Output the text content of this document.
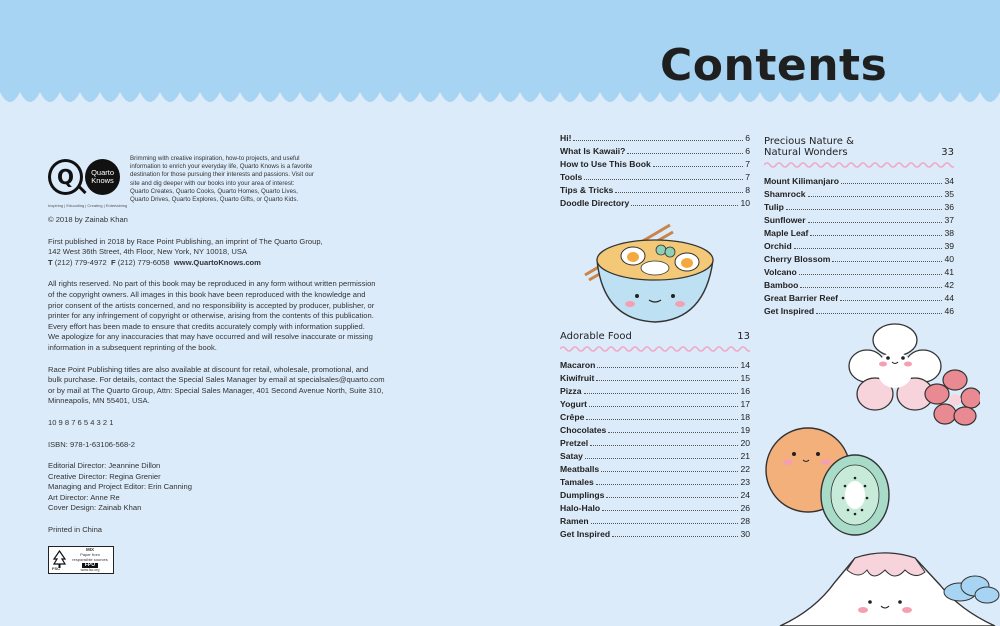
Contents
Q Quarto
Knows
Inspiring | Educating | Creating | Entertaining
Brimming with creative inspiration, how-to projects, and useful
information to enrich your everyday life, Quarto Knows is a favorite
destination for those pursuing their interests and passions. Visit our
site and dig deeper with our books into your area of interest:
Quarto Creates, Quarto Cooks, Quarto Homes, Quarto Lives,
Quarto Drives, Quarto Explores, Quarto Gifts, or Quarto Kids.

© 2018 by Zainab Khan

First published in 2018 by Race Point Publishing, an imprint of The Quarto Group,
142 West 36th Street, 4th Floor, New York, NY 10018, USA
T (212) 779-4972 F (212) 779-6058 www.QuartoKnows.com

All rights reserved. No part of this book may be reproduced in any form without written permission
of the copyright owners. All images in this book have been reproduced with the knowledge and
prior consent of the artists concerned, and no responsibility is accepted by producer, publisher, or
printer for any infringement of copyright or otherwise, arising from the contents of this publication.
Every effort has been made to ensure that credits accurately comply with information supplied.
We apologize for any inaccuracies that may have occurred and will resolve inaccurate or missing
information in a subsequent reprinting of the book.

Race Point Publishing titles are also available at discount for retail, wholesale, promotional, and
bulk purchase. For details, contact the Special Sales Manager by email at specialsales@quarto.com
or by mail at The Quarto Group, Attn: Special Sales Manager, 401 Second Avenue North, Suite 310,
Minneapolis, MN 55401, USA.

10 9 8 7 6 5 4 3 2 1

ISBN: 978-1-63106-568-2

Editorial Director: Jeannine Dillon
Creative Director: Regina Grenier
Managing and Project Editor: Erin Canning
Art Director: Anne Re
Cover Design: Zainab Khan

Printed in China

FSC
MIX
Paper from
responsible sources
FPO
www.fsc.org
Hi!	6
What Is Kawaii?	6
How to Use This Book	7
Tools	7
Tips & Tricks	8
Doodle Directory	10
Adorable Food	13
Macaron	14
Kiwifruit	15
Pizza	16
Yogurt	17
Crêpe	18
Chocolates	19
Pretzel	20
Satay	21
Meatballs	22
Tamales	23
Dumplings	24
Halo-Halo	26
Ramen	28
Get Inspired	30
Precious Nature &
Natural Wonders	33
Mount Kilimanjaro	34
Shamrock	35
Tulip	36
Sunflower	37
Maple Leaf	38
Orchid	39
Cherry Blossom	40
Volcano	41
Bamboo	42
Great Barrier Reef	44
Get Inspired	46
